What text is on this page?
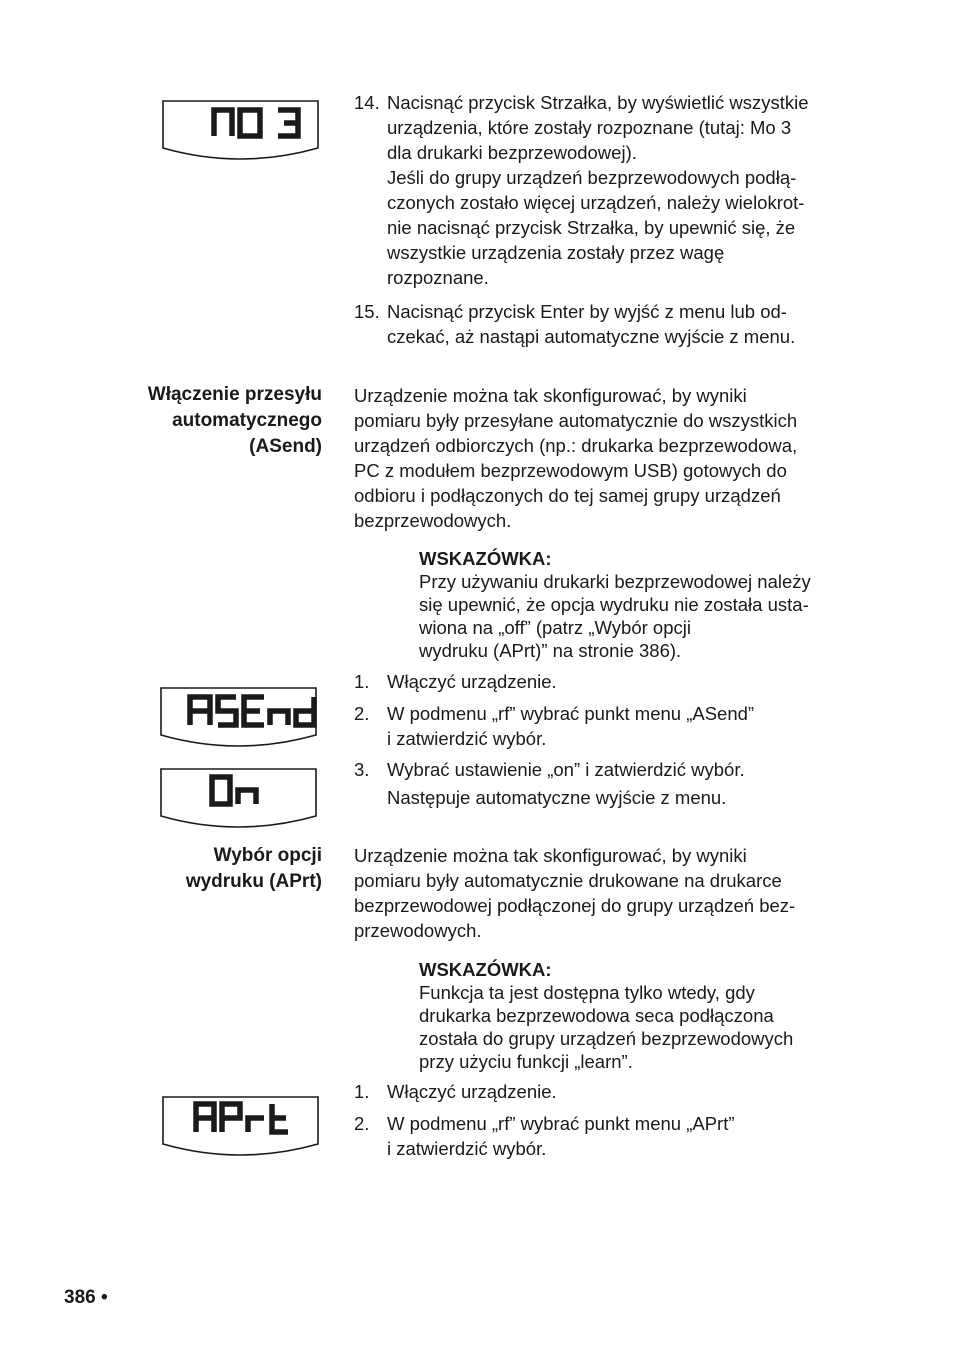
14. Nacisnąć przycisk Strzałka, by wyświetlić wszystkie

urządzenia, które zostały rozpoznane (tutaj: Mo 3

dla drukarki bezprzewodowej).

Jeśli do grupy urządzeń bezprzewodowych podłą-

czonych zostało więcej urządzeń, należy wielokrot-

nie nacisnąć przycisk Strzałka, by upewnić się, że

wszystkie urządzenia zostały przez wagę

rozpoznane.

15. Nacisnąć przycisk Enter by wyjść z menu lub od-

czekać, aż nastąpi automatyczne wyjście z menu.

Włączenie przesyłu
automatycznego
(ASend)
Urządzenie można tak skonfigurować, by wyniki
pomiaru były przesyłane automatycznie do wszystkich
urządzeń odbiorczych (np.: drukarka bezprzewodowa,
PC z modułem bezprzewodowym USB) gotowych do
odbioru i podłączonych do tej samej grupy urządzeń
bezprzewodowych.
WSKAZÓWKA:
Przy używaniu drukarki bezprzewodowej należy
się upewnić, że opcja wydruku nie została usta-
wiona na „off” (patrz „Wybór opcji
wydruku (APrt)” na stronie 386).
1. Włączyć urządzenie.

2. W podmenu „rf” wybrać punkt menu „ASend”

i zatwierdzić wybór.

3. Wybrać ustawienie „on” i zatwierdzić wybór.

Następuje automatyczne wyjście z menu.

Wybór opcji
wydruku (APrt)
Urządzenie można tak skonfigurować, by wyniki
pomiaru były automatycznie drukowane na drukarce
bezprzewodowej podłączonej do grupy urządzeń bez-
przewodowych.
WSKAZÓWKA:
Funkcja ta jest dostępna tylko wtedy, gdy
drukarka bezprzewodowa seca podłączona
została do grupy urządzeń bezprzewodowych
przy użyciu funkcji „learn”.
1. Włączyć urządzenie.

2. W podmenu „rf” wybrać punkt menu „APrt”

i zatwierdzić wybór.

386 •
